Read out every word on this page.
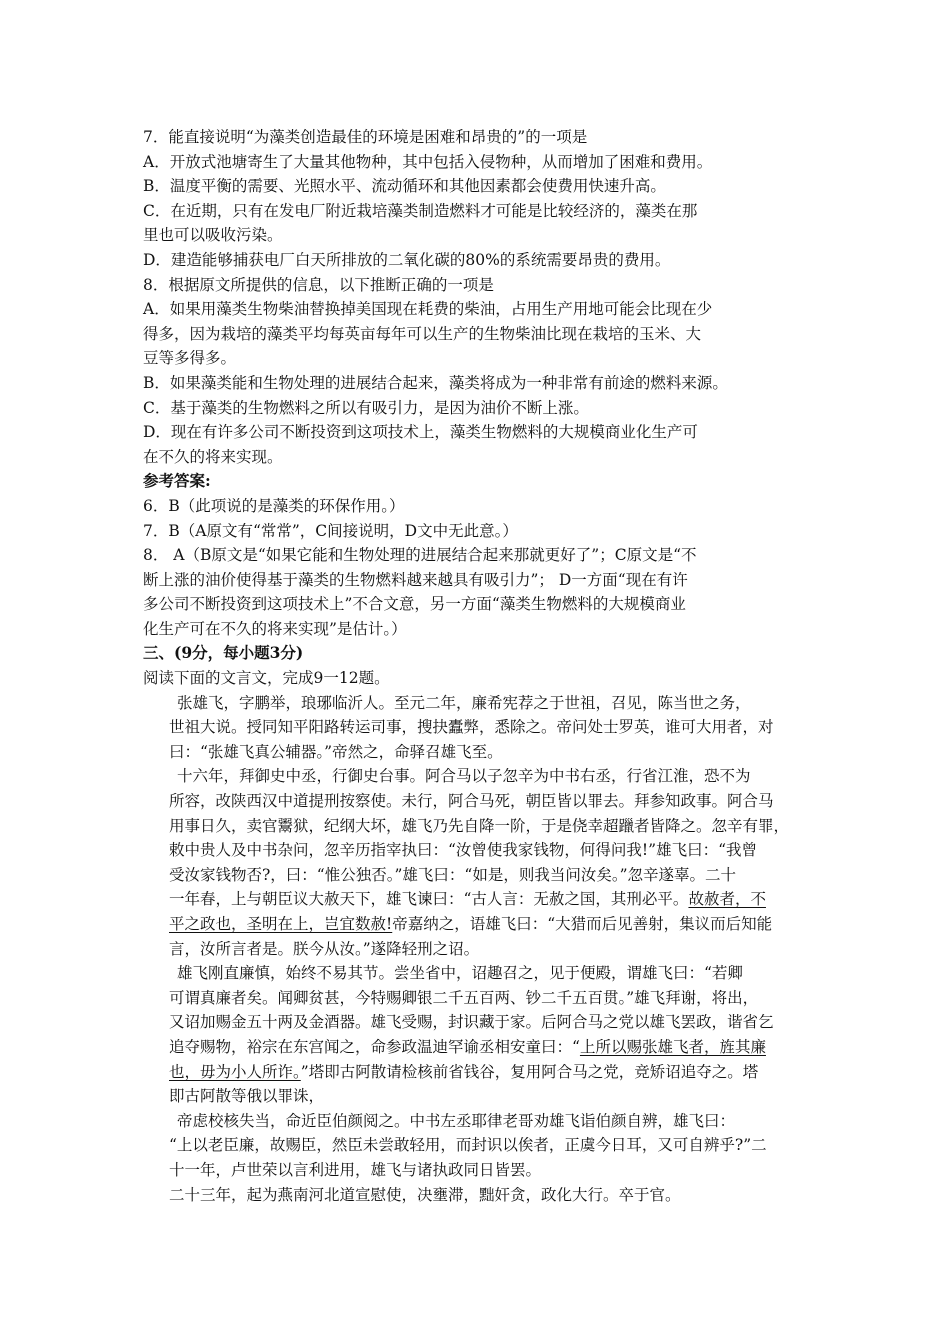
7．能直接说明“为藻类创造最佳的环境是困难和昂贵的”的一项是
A．开放式池塘寄生了大量其他物种，其中包括入侵物种，从而增加了困难和费用。
B．温度平衡的需要、光照水平、流动循环和其他因素都会使费用快速升高。
C．在近期，只有在发电厂附近栽培藻类制造燃料才可能是比较经济的，藻类在那
里也可以吸收污染。
D．建造能够捕获电厂白天所排放的二氧化碳的80%的系统需要昂贵的费用。
8．根据原文所提供的信息，以下推断正确的一项是
A．如果用藻类生物柴油替换掉美国现在耗费的柴油，占用生产用地可能会比现在少
得多，因为栽培的藻类平均每英亩每年可以生产的生物柴油比现在栽培的玉米、大
豆等多得多。
B．如果藻类能和生物处理的进展结合起来，藻类将成为一种非常有前途的燃料来源。
C．基于藻类的生物燃料之所以有吸引力，是因为油价不断上涨。
D．现在有许多公司不断投资到这项技术上，藻类生物燃料的大规模商业化生产可
在不久的将来实现。
参考答案:
6．B（此项说的是藻类的环保作用。）
7．B（A原文有“常常”，C间接说明，D文中无此意。）
8． A（B原文是“如果它能和生物处理的进展结合起来那就更好了”；C原文是“不
断上涨的油价使得基于藻类的生物燃料越来越具有吸引力”； D一方面“现在有许
多公司不断投资到这项技术上”不合文意，另一方面“藻类生物燃料的大规模商业
化生产可在不久的将来实现”是估计。）
三、(9分，每小题3分)
阅读下面的文言文，完成9一12题。
张雄飞，字鹏举，琅琊临沂人。至元二年，廉希宪荐之于世祖，召见，陈当世之务，
世祖大说。授同知平阳路转运司事，搜抉蠹弊，悉除之。帝问处士罗英，谁可大用者，对
曰：“张雄飞真公辅器。”帝然之，命驿召雄飞至。
十六年，拜御史中丞，行御史台事。阿合马以子忽辛为中书右丞，行省江淮，恐不为
所容，改陕西汉中道提刑按察使。未行，阿合马死，朝臣皆以罪去。拜参知政事。阿合马
用事日久，卖官鬻狱，纪纲大坏，雄飞乃先自降一阶，于是侥幸超躐者皆降之。忽辛有罪，
敕中贵人及中书杂问，忽辛历指宰执曰：“汝曾使我家钱物，何得问我!”雄飞曰：“我曾
受汝家钱物否?，曰：“惟公独否。”雄飞曰：“如是，则我当问汝矣。”忽辛遂辜。二十
一年春，上与朝臣议大赦天下，雄飞谏曰：“古人言：无赦之国，其刑必平。故赦者，不
平之政也，圣明在上，岂宜数赦!帝嘉纳之，语雄飞曰：“大猎而后见善射，集议而后知能
言，汝所言者是。朕今从汝。”遂降轻刑之诏。
雄飞刚直廉慎，始终不易其节。尝坐省中，诏趣召之，见于便殿，谓雄飞曰：“若卿
可谓真廉者矣。闻卿贫甚，今特赐卿银二千五百两、钞二千五百贯。”雄飞拜谢，将出，
又诏加赐金五十两及金酒器。雄飞受赐，封识藏于家。后阿合马之党以雄飞罢政，谐省乞
追夺赐物，裕宗在东宫闻之，命参政温迪罕谕丞相安童曰：“上所以赐张雄飞者，旌其廉
也，毋为小人所诈。”塔即古阿散请检核前省钱谷，复用阿合马之党，竞矫诏追夺之。塔
即古阿散等俄以罪诛，
帝虑校核失当，命近臣伯颜阅之。中书左丞耶律老哥劝雄飞诣伯颜自辨，雄飞曰：
“上以老臣廉，故赐臣，然臣未尝敢轻用，而封识以俟者，正虞今日耳，又可自辨乎?”二
十一年，卢世荣以言利进用，雄飞与诸执政同日皆罢。
二十三年，起为燕南河北道宣慰使，决壅滞，黜奸贪，政化大行。卒于官。
